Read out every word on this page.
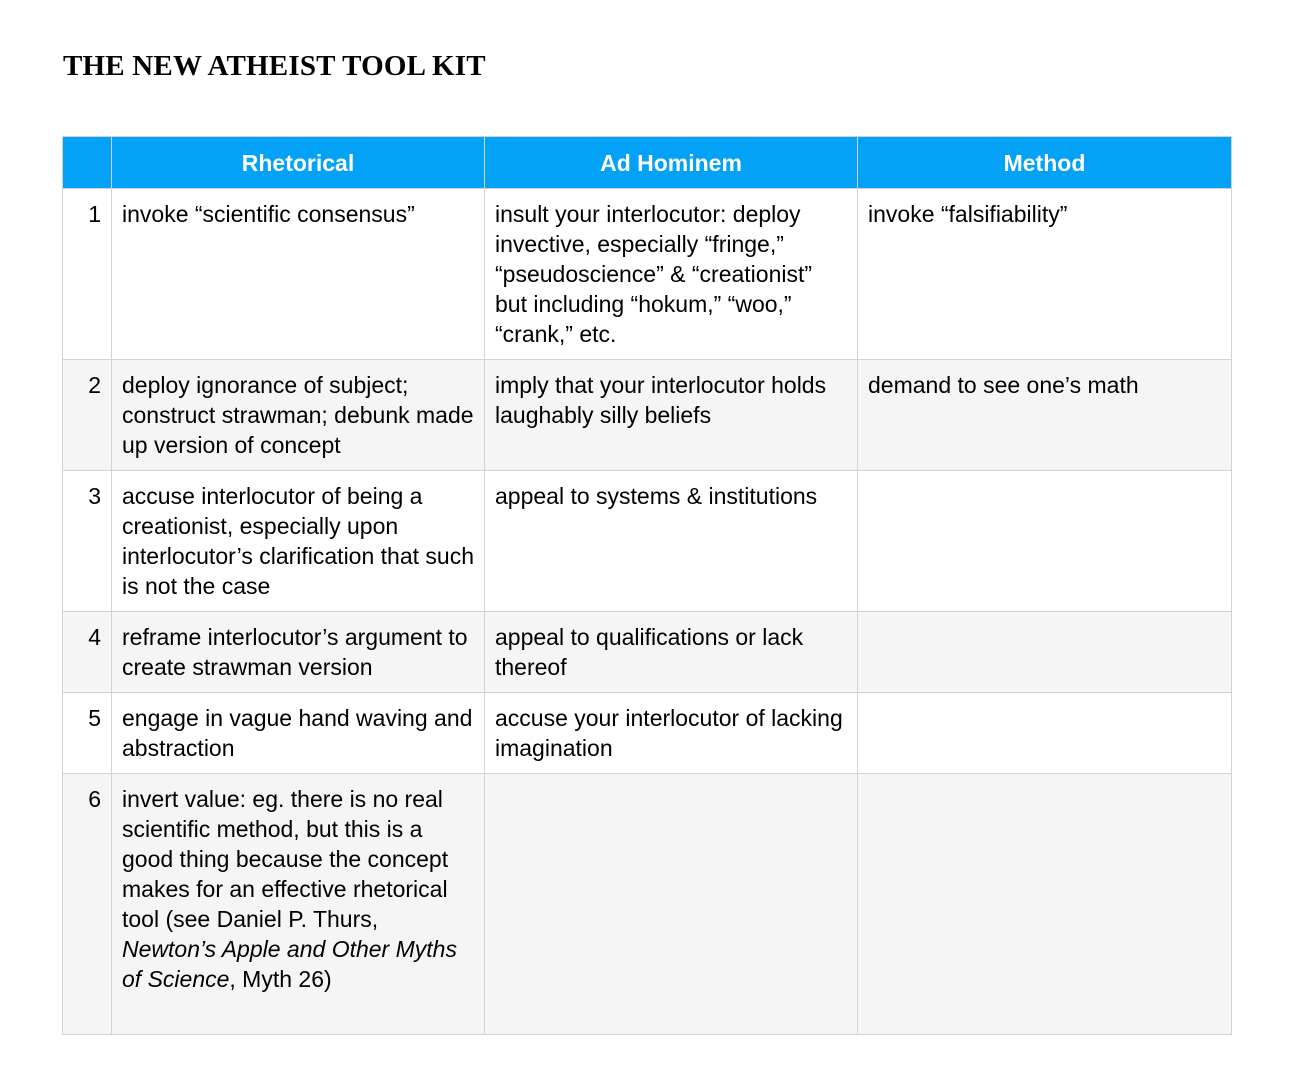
THE NEW ATHEIST TOOL KIT
	Rhetorical	Ad Hominem	Method
1	invoke “scientific consensus”	insult your interlocutor: deploy invective, especially “fringe,” “pseudoscience” & “creationist” but including “hokum,” “woo,” “crank,” etc.	invoke “falsifiability”
2	deploy ignorance of subject; construct strawman; debunk made up version of concept	imply that your interlocutor holds laughably silly beliefs	demand to see one’s math
3	accuse interlocutor of being a creationist, especially upon interlocutor’s clarification that such is not the case	appeal to systems & institutions	
4	reframe interlocutor’s argument to create strawman version	appeal to qualifications or lack thereof	
5	engage in vague hand waving and abstraction	accuse your interlocutor of lacking imagination	
6	invert value: eg. there is no real scientific method, but this is a good thing because the concept makes for an effective rhetorical tool (see Daniel P. Thurs, Newton’s Apple and Other Myths of Science, Myth 26)		
